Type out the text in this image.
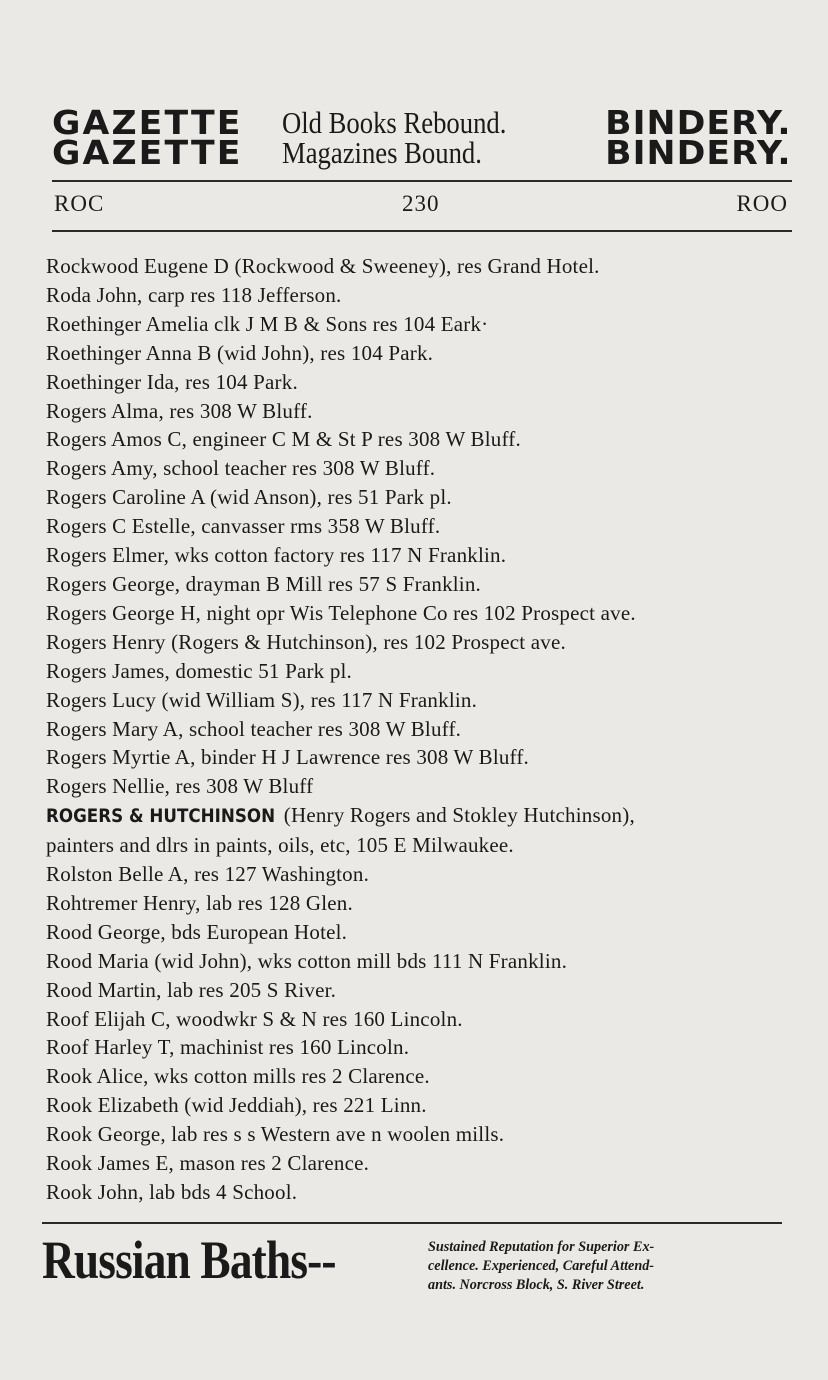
GAZETTE Old Books Rebound.	BINDERY.
GAZETTE Magazines Bound.	BINDERY.
ROC	230	ROO
Rockwood Eugene D (Rockwood & Sweeney), res Grand Hotel.
Roda John, carp res 118 Jefferson.
Roethinger Amelia clk J M B & Sons res 104 Eark·
Roethinger Anna B (wid John), res 104 Park.
Roethinger Ida, res 104 Park.
Rogers Alma, res 308 W Bluff.
Rogers Amos C, engineer C M & St P res 308 W Bluff.
Rogers Amy, school teacher res 308 W Bluff.
Rogers Caroline A (wid Anson), res 51 Park pl.
Rogers C Estelle, canvasser rms 358 W Bluff.
Rogers Elmer, wks cotton factory res 117 N Franklin.
Rogers George, drayman B Mill res 57 S Franklin.
Rogers George H, night opr Wis Telephone Co res 102 Prospect ave.
Rogers Henry (Rogers & Hutchinson), res 102 Prospect ave.
Rogers James, domestic 51 Park pl.
Rogers Lucy (wid William S), res 117 N Franklin.
Rogers Mary A, school teacher res 308 W Bluff.
Rogers Myrtie A, binder H J Lawrence res 308 W Bluff.
Rogers Nellie, res 308 W Bluff
ROGERS & HUTCHINSON (Henry Rogers and Stokley Hutchinson),
painters and dlrs in paints, oils, etc, 105 E Milwaukee.
Rolston Belle A, res 127 Washington.
Rohtremer Henry, lab res 128 Glen.
Rood George, bds European Hotel.
Rood Maria (wid John), wks cotton mill bds 111 N Franklin.
Rood Martin, lab res 205 S River.
Roof Elijah C, woodwkr S & N res 160 Lincoln.
Roof Harley T, machinist res 160 Lincoln.
Rook Alice, wks cotton mills res 2 Clarence.
Rook Elizabeth (wid Jeddiah), res 221 Linn.
Rook George, lab res s s Western ave n woolen mills.
Rook James E, mason res 2 Clarence.
Rook John, lab bds 4 School.
Russian Baths--	Sustained Reputation for Superior Ex-
cellence. Experienced, Careful Attend-
ants. Norcross Block, S. River Street.
